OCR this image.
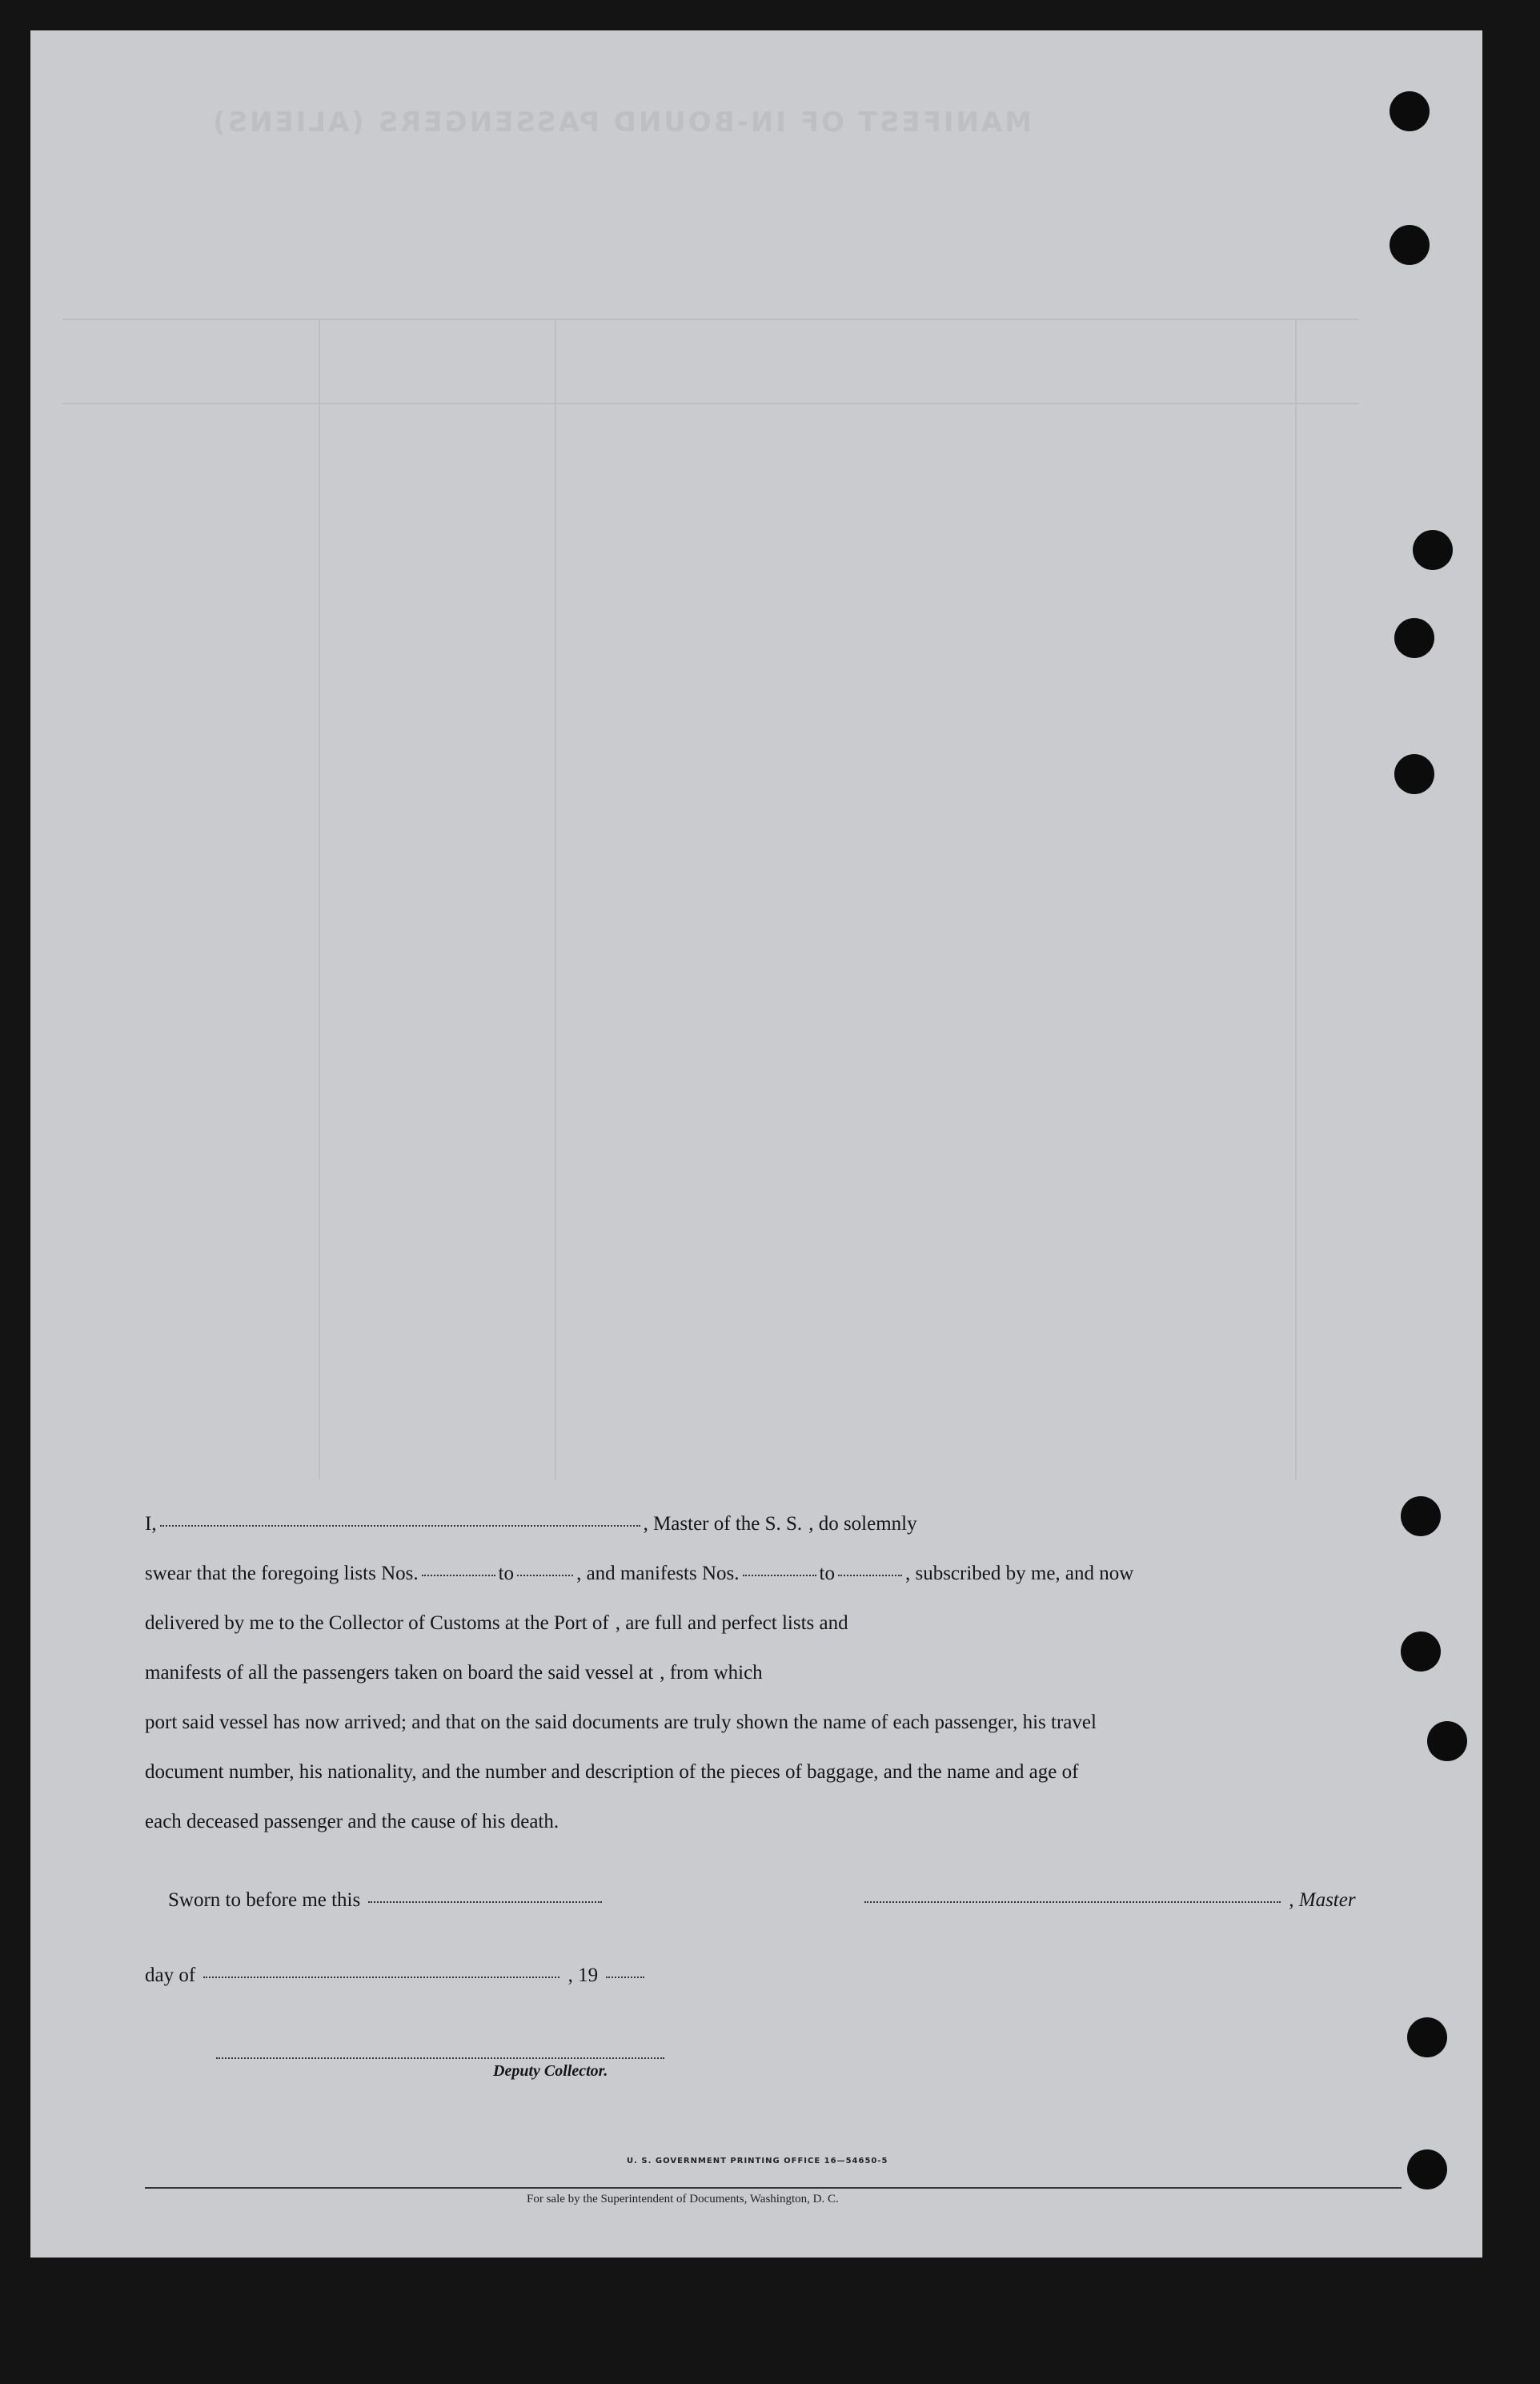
MANIFEST OF IN-BOUND PASSENGERS (ALIENS)
I,	, Master of the S. S. , do solemnly
swear that the foregoing lists Nos.	to	, and manifests Nos.	to	, subscribed by me, and now
delivered by me to the Collector of Customs at the Port of , are full and perfect lists and
manifests of all the passengers taken on board the said vessel at , from which
port said vessel has now arrived; and that on the said documents are truly shown the name of each passenger, his travel
document number, his nationality, and the number and description of the pieces of baggage, and the name and age of
each deceased passenger and the cause of his death.
Sworn to before me this	, Master
day of	, 19
Deputy Collector.
U. S. GOVERNMENT PRINTING OFFICE 16—54650-5
For sale by the Superintendent of Documents, Washington, D. C.
